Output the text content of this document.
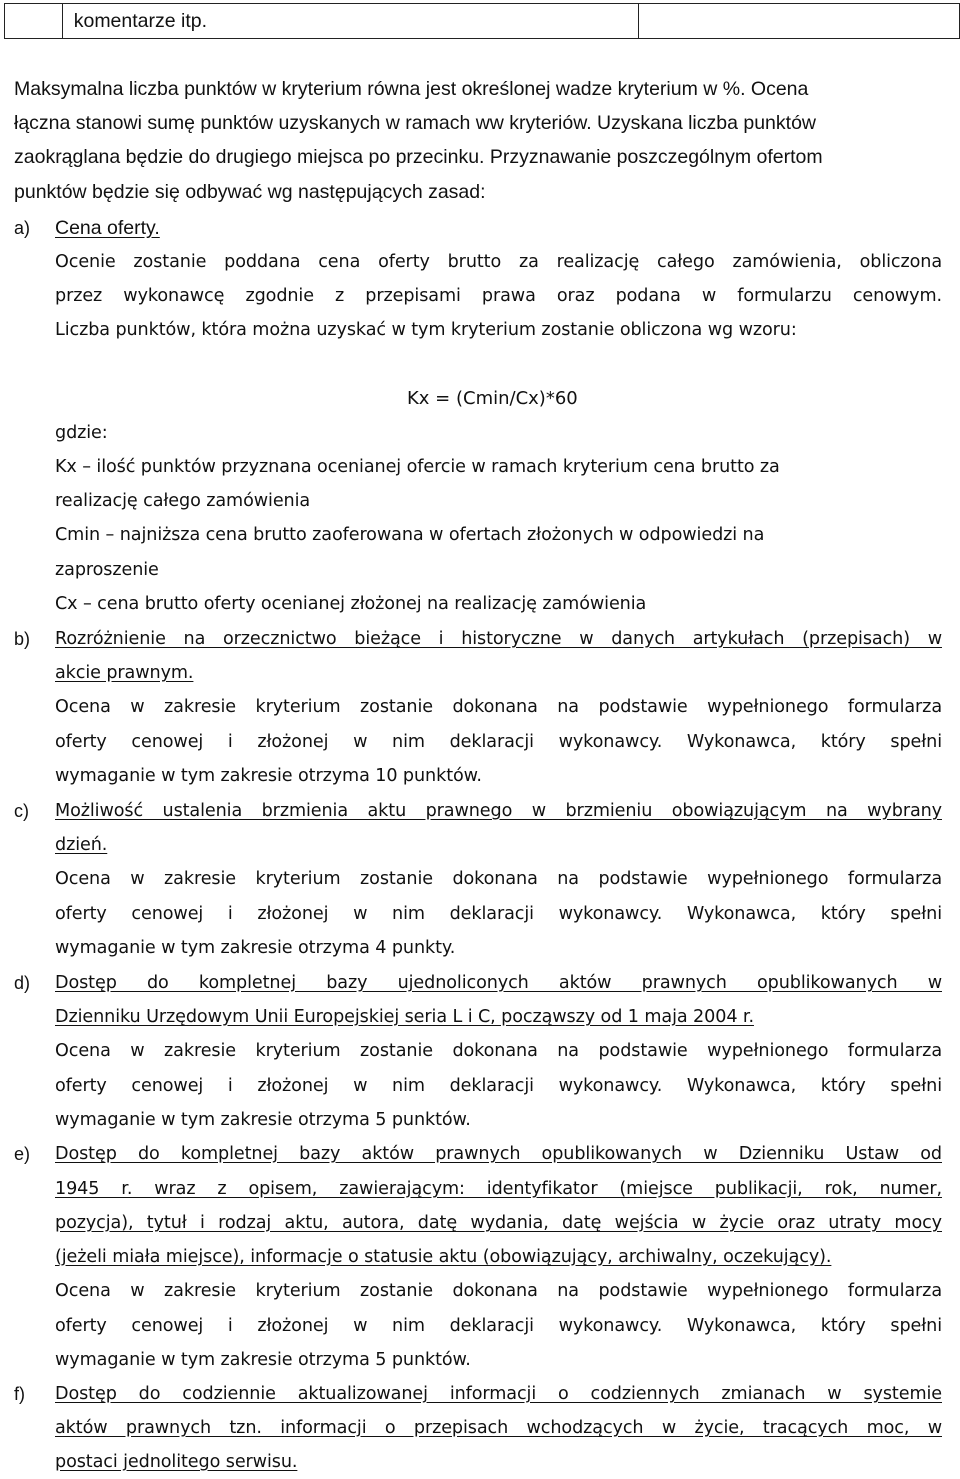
	komentarze itp.	
Maksymalna liczba punktów w kryterium równa jest określonej wadze kryterium w %. Ocena
łączna stanowi sumę punktów uzyskanych w ramach ww kryteriów. Uzyskana liczba punktów
zaokrąglana będzie do drugiego miejsca po przecinku. Przyznawanie poszczególnym ofertom
punktów będzie się odbywać wg następujących zasad:
a) Cena oferty.
Ocenie zostanie poddana cena oferty brutto za realizację całego zamówienia, obliczona
przez wykonawcę zgodnie z przepisami prawa oraz podana w formularzu cenowym.
Liczba punktów, która można uzyskać w tym kryterium zostanie obliczona wg wzoru:
Kx = (Cmin/Cx)*60
gdzie:
Kx – ilość punktów przyznana ocenianej ofercie w ramach kryterium cena brutto za
realizację całego zamówienia
Cmin – najniższa cena brutto zaoferowana w ofertach złożonych w odpowiedzi na
zaproszenie
Cx – cena brutto oferty ocenianej złożonej na realizację zamówienia
b) Rozróżnienie na orzecznictwo bieżące i historyczne w danych artykułach (przepisach) w
akcie prawnym.
Ocena w zakresie kryterium zostanie dokonana na podstawie wypełnionego formularza
oferty cenowej i złożonej w nim deklaracji wykonawcy. Wykonawca, który spełni
wymaganie w tym zakresie otrzyma 10 punktów.
c) Możliwość ustalenia brzmienia aktu prawnego w brzmieniu obowiązującym na wybrany
dzień.
Ocena w zakresie kryterium zostanie dokonana na podstawie wypełnionego formularza
oferty cenowej i złożonej w nim deklaracji wykonawcy. Wykonawca, który spełni
wymaganie w tym zakresie otrzyma 4 punkty.
d) Dostęp do kompletnej bazy ujednoliconych aktów prawnych opublikowanych w
Dzienniku Urzędowym Unii Europejskiej seria L i C, począwszy od 1 maja 2004 r.
Ocena w zakresie kryterium zostanie dokonana na podstawie wypełnionego formularza
oferty cenowej i złożonej w nim deklaracji wykonawcy. Wykonawca, który spełni
wymaganie w tym zakresie otrzyma 5 punktów.
e) Dostęp do kompletnej bazy aktów prawnych opublikowanych w Dzienniku Ustaw od
1945 r. wraz z opisem, zawierającym: identyfikator (miejsce publikacji, rok, numer,
pozycja), tytuł i rodzaj aktu, autora, datę wydania, datę wejścia w życie oraz utraty mocy
(jeżeli miała miejsce), informacje o statusie aktu (obowiązujący, archiwalny, oczekujący).
Ocena w zakresie kryterium zostanie dokonana na podstawie wypełnionego formularza
oferty cenowej i złożonej w nim deklaracji wykonawcy. Wykonawca, który spełni
wymaganie w tym zakresie otrzyma 5 punktów.
f) Dostęp do codziennie aktualizowanej informacji o codziennych zmianach w systemie
aktów prawnych tzn. informacji o przepisach wchodzących w życie, tracących moc, w
postaci jednolitego serwisu.
